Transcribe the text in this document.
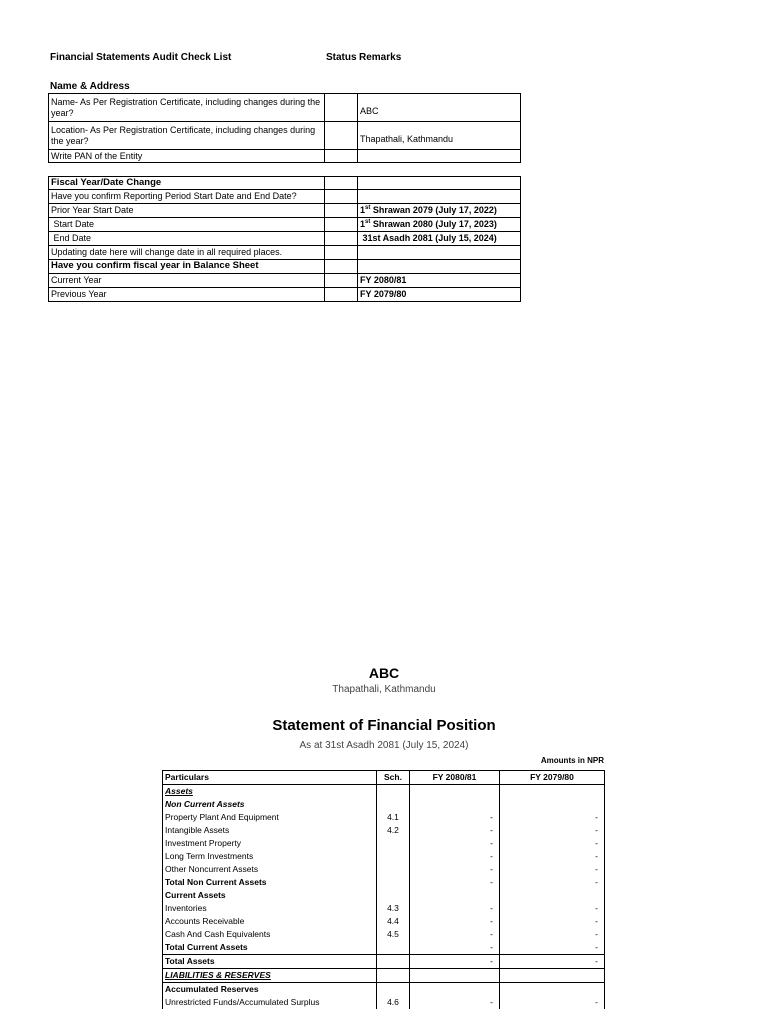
Financial Statements Audit Check List	Status Remarks
Name & Address
Name- As Per Registration Certificate, including changes during the year?		ABC
Location- As Per Registration Certificate, including changes during the year?		Thapathali, Kathmandu
Write PAN of the Entity		
Fiscal Year/Date Change		
Have you confirm Reporting Period Start Date and End Date?		
Prior Year Start Date		1st Shrawan 2079 (July 17, 2022)
Start Date		1st Shrawan 2080 (July 17, 2023)
End Date		31st Asadh 2081 (July 15, 2024)
Updating date here will change date in all required places.		
Have you confirm fiscal year in Balance Sheet		
Current Year		FY 2080/81
Previous Year		FY 2079/80
ABC
Thapathali, Kathmandu
Statement of Financial Position
As at 31st Asadh 2081 (July 15, 2024)
Amounts in NPR
Particulars	Sch.	FY 2080/81	FY 2079/80
Assets			
Non Current Assets			
Property Plant And Equipment	4.1	-	-
Intangible Assets	4.2	-	-
Investment Property		-	-
Long Term Investments		-	-
Other Noncurrent Assets		-	-
Total Non Current Assets		-	-
Current Assets			
Inventories	4.3	-	-
Accounts Receivable	4.4	-	-
Cash And Cash Equivalents	4.5	-	-
Total Current Assets		-	-
Total Assets		-	-
LIABILITIES & RESERVES			
Accumulated Reserves			
Unrestricted Funds/Accumulated Surplus	4.6	-	-
